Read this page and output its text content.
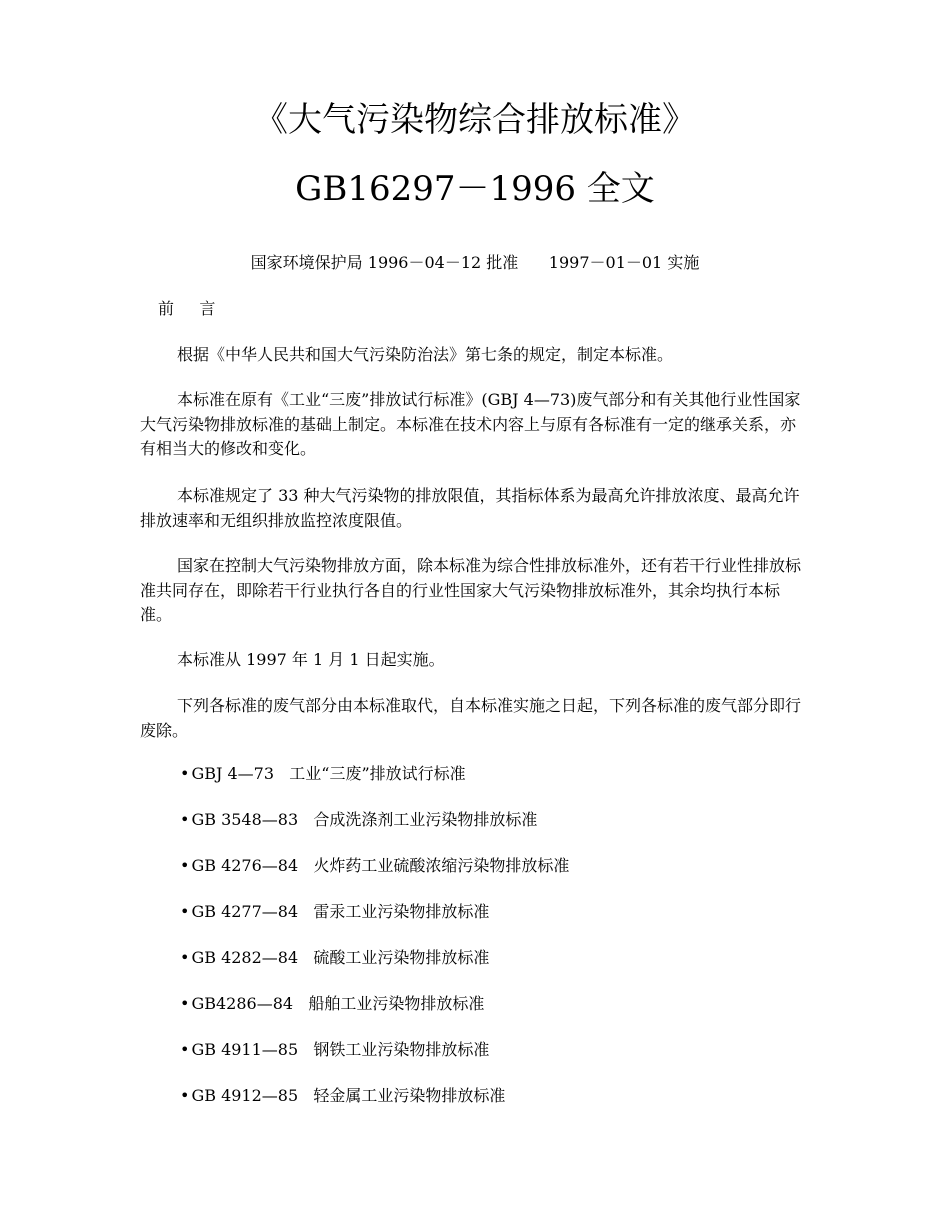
《大气污染物综合排放标准》
GB16297－1996 全文
国家环境保护局 1996－04－12 批准      1997－01－01 实施
前     言

根据《中华人民共和国大气污染防治法》第七条的规定，制定本标准。

本标准在原有《工业“三废”排放试行标准》(GBJ 4—73)废气部分和有关其他行业性国家大气污染物排放标准的基础上制定。本标准在技术内容上与原有各标准有一定的继承关系，亦有相当大的修改和变化。

本标准规定了 33 种大气污染物的排放限值，其指标体系为最高允许排放浓度、最高允许排放速率和无组织排放监控浓度限值。

国家在控制大气污染物排放方面，除本标准为综合性排放标准外，还有若干行业性排放标准共同存在，即除若干行业执行各自的行业性国家大气污染物排放标准外，其余均执行本标准。

本标准从 1997 年 1 月 1 日起实施。

下列各标准的废气部分由本标准取代，自本标准实施之日起，下列各标准的废气部分即行废除。

• GBJ 4—73   工业“三废”排放试行标准
• GB 3548—83   合成洗涤剂工业污染物排放标准
• GB 4276—84   火炸药工业硫酸浓缩污染物排放标准
• GB 4277—84   雷汞工业污染物排放标准
• GB 4282—84   硫酸工业污染物排放标准
• GB4286—84   船舶工业污染物排放标准
• GB 4911—85   钢铁工业污染物排放标准
• GB 4912—85   轻金属工业污染物排放标准
